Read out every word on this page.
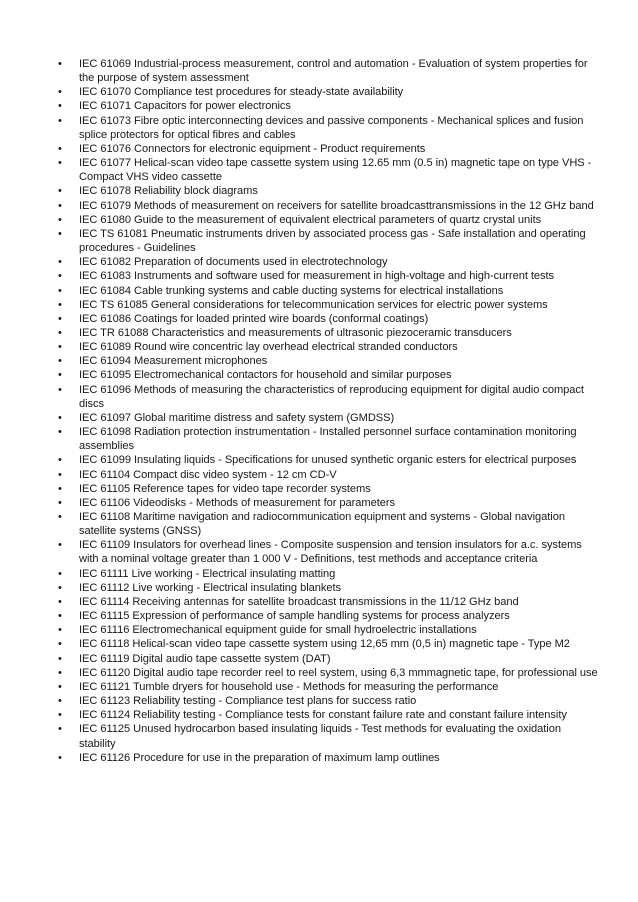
•	IEC 61069 Industrial-process measurement, control and automation - Evaluation of system properties for the purpose of system assessment
•	IEC 61070 Compliance test procedures for steady-state availability
•	IEC 61071 Capacitors for power electronics
•	IEC 61073 Fibre optic interconnecting devices and passive components - Mechanical splices and fusion splice protectors for optical fibres and cables
•	IEC 61076 Connectors for electronic equipment - Product requirements
•	IEC 61077 Helical-scan video tape cassette system using 12.65 mm (0.5 in) magnetic tape on type VHS - Compact VHS video cassette
•	IEC 61078 Reliability block diagrams
•	IEC 61079 Methods of measurement on receivers for satellite broadcasttransmissions in the 12 GHz band
•	IEC 61080 Guide to the measurement of equivalent electrical parameters of quartz crystal units
•	IEC TS 61081 Pneumatic instruments driven by associated process gas - Safe installation and operating procedures - Guidelines
•	IEC 61082 Preparation of documents used in electrotechnology
•	IEC 61083 Instruments and software used for measurement in high-voltage and high-current tests
•	IEC 61084 Cable trunking systems and cable ducting systems for electrical installations
•	IEC TS 61085 General considerations for telecommunication services for electric power systems
•	IEC 61086 Coatings for loaded printed wire boards (conformal coatings)
•	IEC TR 61088 Characteristics and measurements of ultrasonic piezoceramic transducers
•	IEC 61089 Round wire concentric lay overhead electrical stranded conductors
•	IEC 61094 Measurement microphones
•	IEC 61095 Electromechanical contactors for household and similar purposes
•	IEC 61096 Methods of measuring the characteristics of reproducing equipment for digital audio compact discs
•	IEC 61097 Global maritime distress and safety system (GMDSS)
•	IEC 61098 Radiation protection instrumentation - Installed personnel surface contamination monitoring assemblies
•	IEC 61099 Insulating liquids - Specifications for unused synthetic organic esters for electrical purposes
•	IEC 61104 Compact disc video system - 12 cm CD-V
•	IEC 61105 Reference tapes for video tape recorder systems
•	IEC 61106 Videodisks - Methods of measurement for parameters
•	IEC 61108 Maritime navigation and radiocommunication equipment and systems - Global navigation satellite systems (GNSS)
•	IEC 61109 Insulators for overhead lines - Composite suspension and tension insulators for a.c. systems with a nominal voltage greater than 1 000 V - Definitions, test methods and acceptance criteria
•	IEC 61111 Live working - Electrical insulating matting
•	IEC 61112 Live working - Electrical insulating blankets
•	IEC 61114 Receiving antennas for satellite broadcast transmissions in the 11/12 GHz band
•	IEC 61115 Expression of performance of sample handling systems for process analyzers
•	IEC 61116 Electromechanical equipment guide for small hydroelectric installations
•	IEC 61118 Helical-scan video tape cassette system using 12,65 mm (0,5 in) magnetic tape - Type M2
•	IEC 61119 Digital audio tape cassette system (DAT)
•	IEC 61120 Digital audio tape recorder reel to reel system, using 6,3 mmmagnetic tape, for professional use
•	IEC 61121 Tumble dryers for household use - Methods for measuring the performance
•	IEC 61123 Reliability testing - Compliance test plans for success ratio
•	IEC 61124 Reliability testing - Compliance tests for constant failure rate and constant failure intensity
•	IEC 61125 Unused hydrocarbon based insulating liquids - Test methods for evaluating the oxidation stability
•	IEC 61126 Procedure for use in the preparation of maximum lamp outlines
